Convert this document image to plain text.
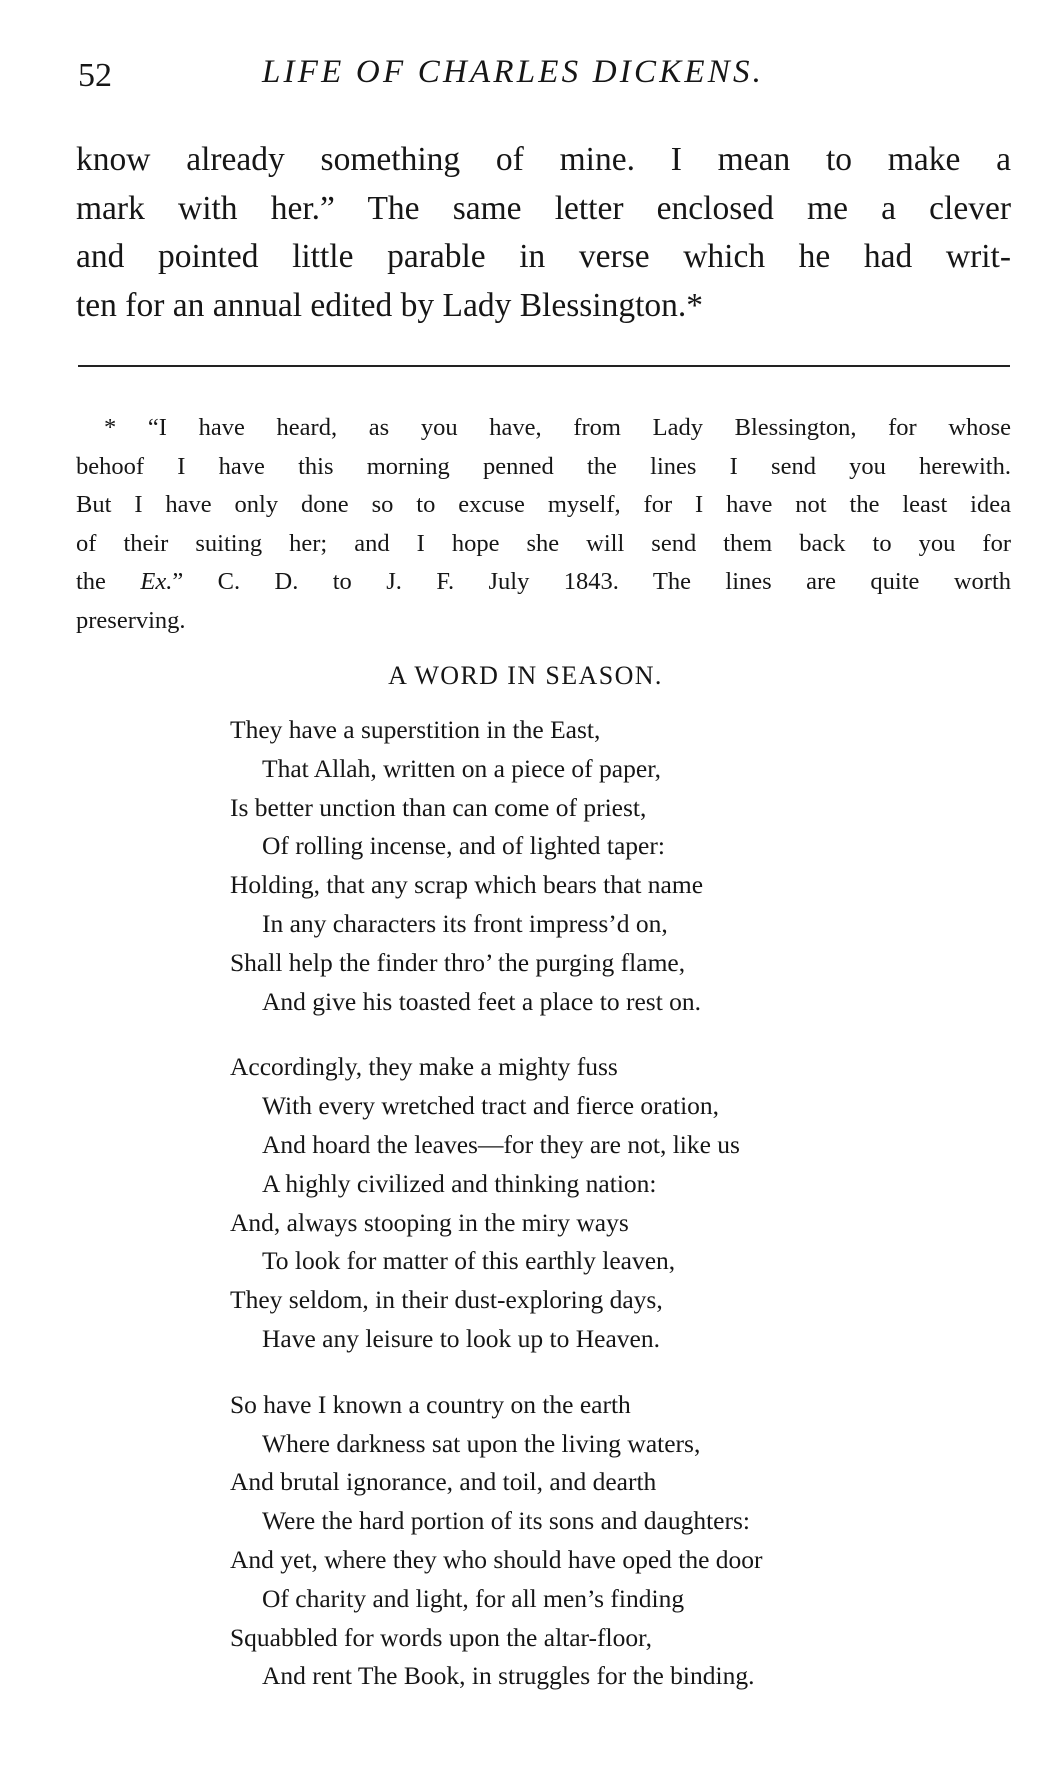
52	LIFE OF CHARLES DICKENS.
know already something of mine. I mean to make a
mark with her.” The same letter enclosed me a clever
and pointed little parable in verse which he had writ-
ten for an annual edited by Lady Blessington.*
* “I have heard, as you have, from Lady Blessington, for whose
behoof I have this morning penned the lines I send you herewith.
But I have only done so to excuse myself, for I have not the least idea
of their suiting her; and I hope she will send them back to you for
the Ex.” C. D. to J. F. July 1843. The lines are quite worth
preserving.
A WORD IN SEASON.
They have a superstition in the East,
That Allah, written on a piece of paper,
Is better unction than can come of priest,
Of rolling incense, and of lighted taper:
Holding, that any scrap which bears that name
In any characters its front impress’d on,
Shall help the finder thro’ the purging flame,
And give his toasted feet a place to rest on.
Accordingly, they make a mighty fuss
With every wretched tract and fierce oration,
And hoard the leaves—for they are not, like us
A highly civilized and thinking nation:
And, always stooping in the miry ways
To look for matter of this earthly leaven,
They seldom, in their dust-exploring days,
Have any leisure to look up to Heaven.
So have I known a country on the earth
Where darkness sat upon the living waters,
And brutal ignorance, and toil, and dearth
Were the hard portion of its sons and daughters:
And yet, where they who should have oped the door
Of charity and light, for all men’s finding
Squabbled for words upon the altar-floor,
And rent The Book, in struggles for the binding.
